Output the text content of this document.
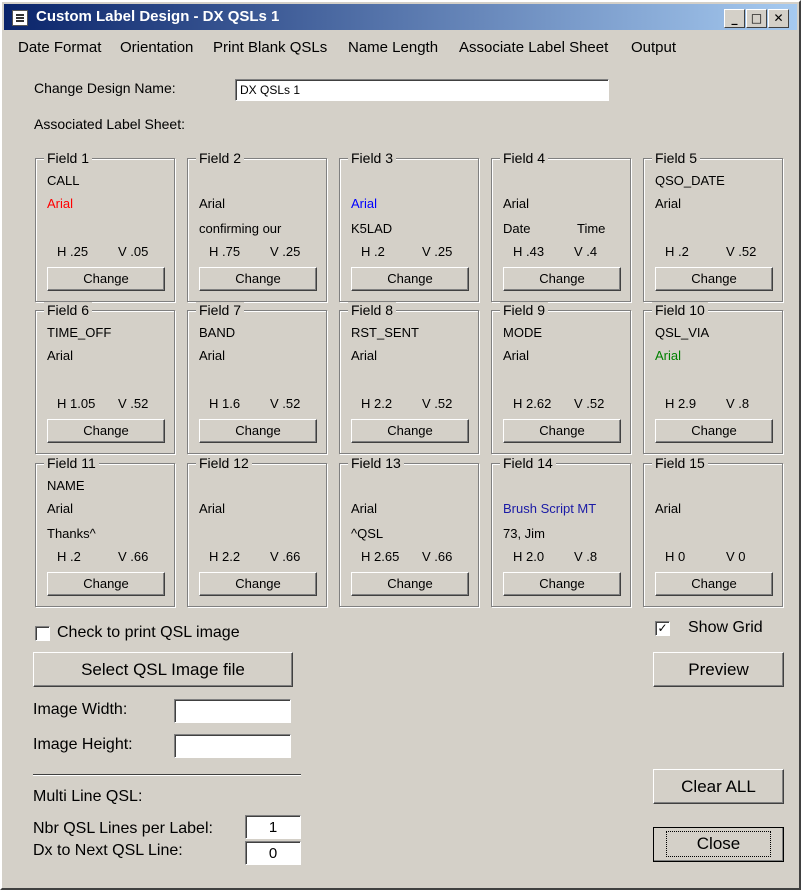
Custom Label Design - DX QSLs 1	_	□ ✕
Date Format Orientation Print Blank QSLs Name Length Associate Label Sheet Output
Change Design Name:
DX QSLs 1
Associated Label Sheet:
Field 1
CALL
Arial
H .25 V .05
Change
Field 2
Arial
confirming our
H .75 V .25
Change
Field 3
Arial
K5LAD
H .2	V .25
Change
Field 4
Arial
Date	Time
H .43 V .4
Change
Field 5
QSO_DATE
Arial
H .2	V .52
Change
Field 6
TIME_OFF
Arial
H 1.05 V .52
Change
Field 7
BAND
Arial
H 1.6 V .52
Change
Field 8
RST_SENT
Arial
H 2.2 V .52
Change
Field 9
MODE
Arial
H 2.62 V .52
Change
Field 10
QSL_VIA
Arial
H 2.9 V .8
Change
Field 11
NAME
Arial
Thanks^
H .2	V .66
Change
Field 12
Arial
H 2.2 V .66
Change
Field 13
Arial
^QSL
H 2.65 V .66
Change
Field 14
Brush Script MT
73, Jim
H 2.0 V .8
Change
Field 15
Arial
H 0	V 0
Change
Check to print QSL image
Select QSL Image file
Image Width:
Image Height:
Multi Line QSL:
Nbr QSL Lines per Label:
1
Dx to Next QSL Line:
0
✓ Show Grid
Preview
Clear ALL
Close
